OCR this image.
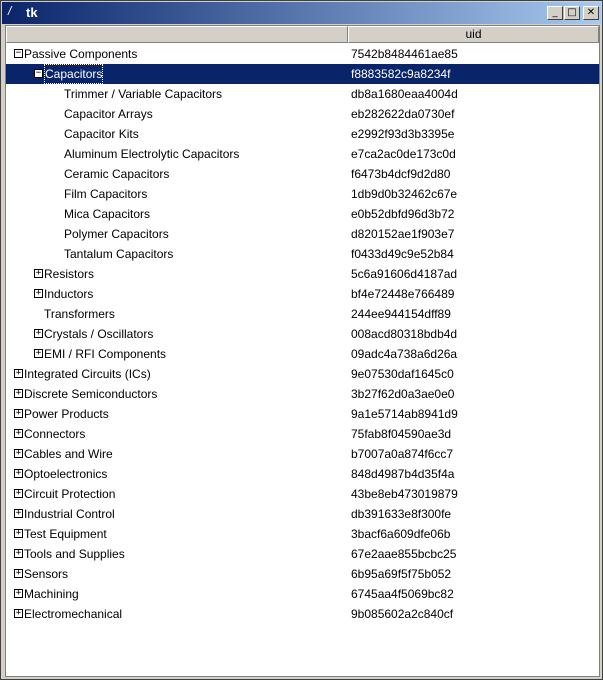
/ tk	_ □	✕
uid
− Passive Components	7542b8484461ae85
− Capacitors	f8883582c9a8234f
Trimmer / Variable Capacitors	db8a1680eaa4004d
Capacitor Arrays	eb282622da0730ef
Capacitor Kits	e2992f93d3b3395e
Aluminum Electrolytic Capacitors	e7ca2ac0de173c0d
Ceramic Capacitors	f6473b4dcf9d2d80
Film Capacitors	1db9d0b32462c67e
Mica Capacitors	e0b52dbfd96d3b72
Polymer Capacitors	d820152ae1f903e7
Tantalum Capacitors	f0433d49c9e52b84
+ Resistors	5c6a91606d4187ad
+ Inductors	bf4e72448e766489
Transformers	244ee944154dff89
+ Crystals / Oscillators	008acd80318bdb4d
+ EMI / RFI Components	09adc4a738a6d26a
+ Integrated Circuits (ICs)	9e07530daf1645c0
+ Discrete Semiconductors	3b27f62d0a3ae0e0
+ Power Products	9a1e5714ab8941d9
+ Connectors	75fab8f04590ae3d
+ Cables and Wire	b7007a0a874f6cc7
+ Optoelectronics	848d4987b4d35f4a
+ Circuit Protection	43be8eb473019879
+ Industrial Control	db391633e8f300fe
+ Test Equipment	3bacf6a609dfe06b
+ Tools and Supplies	67e2aae855bcbc25
+ Sensors	6b95a69f5f75b052
+ Machining	6745aa4f5069bc82
+ Electromechanical	9b085602a2c840cf
